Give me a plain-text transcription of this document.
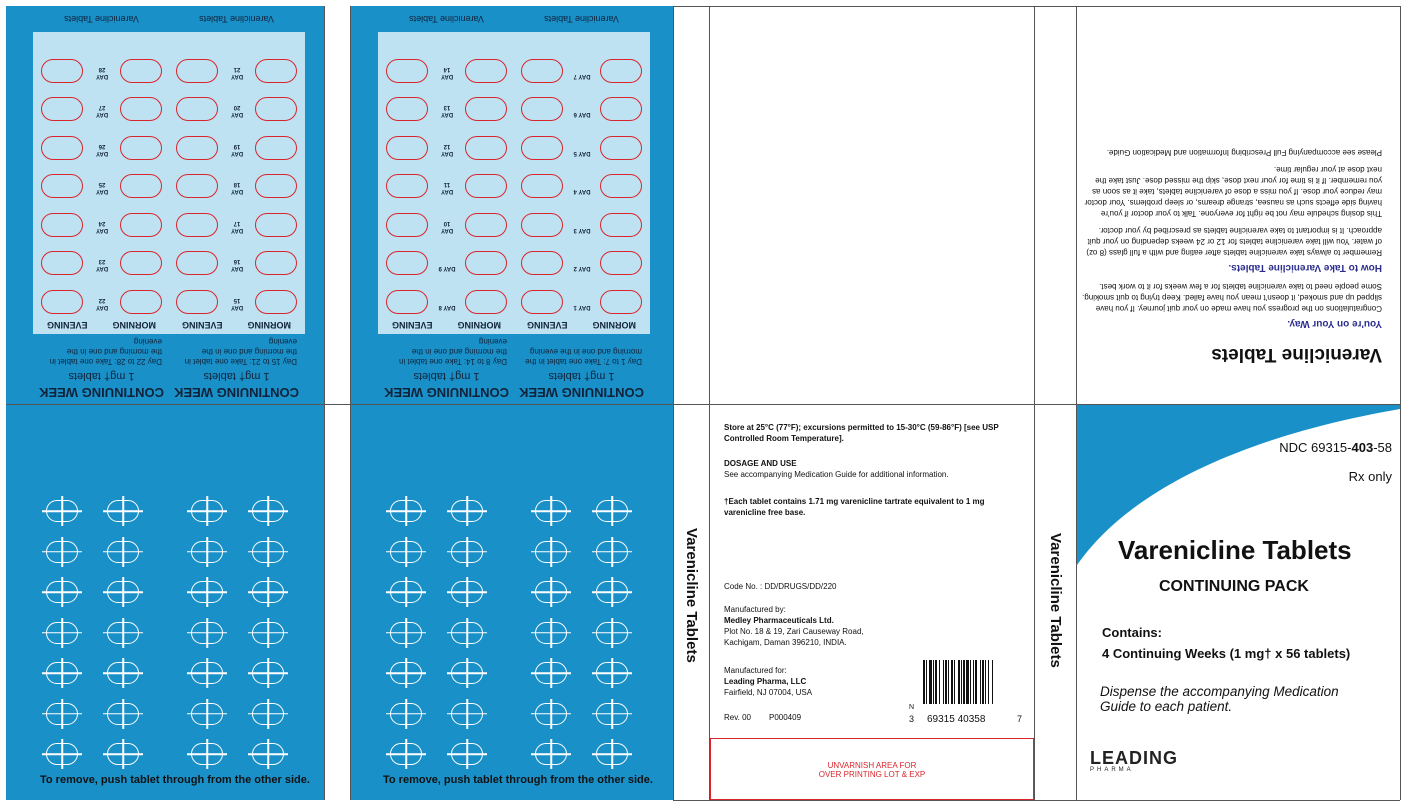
CONTINUING WEEK
1 mg† tablets
Day 1 to 7: Take one tablet in the morning and one in the evening
MORNING
EVENING
DAY 1
DAY 2
DAY 3
DAY 4
DAY 5
DAY 6
DAY 7
Varenicline Tablets
CONTINUING WEEK
1 mg† tablets
Day 8 to 14: Take one tablet in the morning and one in the evening
MORNING
EVENING
DAY 8
DAY 9
DAY 10
DAY 11
DAY 12
DAY 13
DAY 14
Varenicline Tablets
CONTINUING WEEK
1 mg† tablets
Day 15 to 21: Take one tablet in the morning and one in the evening
MORNING
EVENING
DAY 15
DAY 16
DAY 17
DAY 18
DAY 19
DAY 20
DAY 21
Varenicline Tablets
CONTINUING WEEK
1 mg† tablets
Day 22 to 28: Take one tablet in the morning and one in the evening
MORNING
EVENING
DAY 22
DAY 23
DAY 24
DAY 25
DAY 26
DAY 27
DAY 28
Varenicline Tablets
To remove, push tablet through from the other side.	To remove, push tablet through from the other side.
Varenicline Tablets	Varenicline Tablets
Varenicline Tablets
You're on Your Way.
Congratulations on the progress you have made on your quit journey. If you have slipped up and smoked, it doesn't mean you have failed. Keep trying to quit smoking. Some people need to take varenicline tablets for a few weeks for it to work best.
How to Take Varenicline Tablets.
Remember to always take varenicline tablets after eating and with a full glass (8 oz) of water. You will take varenicline tablets for 12 or 24 weeks depending on your quit approach. It is important to take varenicline tablets as prescribed by your doctor.
This dosing schedule may not be right for everyone. Talk to your doctor if you're having side effects such as nausea, strange dreams, or sleep problems. Your doctor may reduce your dose. If you miss a dose of varenicline tablets, take it as soon as you remember. If it is time for your next dose, skip the missed dose. Just take the next dose at your regular time.
Please see accompanying Full Prescribing Information and Medication Guide.
Store at 25°C (77°F); excursions permitted to 15-30°C (59-86°F) [see USP Controlled Room Temperature].
DOSAGE AND USE
See accompanying Medication Guide for additional information.
†Each tablet contains 1.71 mg varenicline tartrate equivalent to 1 mg varenicline free base.
Code No. : DD/DRUGS/DD/220
Manufactured by:
Medley Pharmaceuticals Ltd.
Plot No. 18 & 19, Zari Causeway Road,
Kachigam, Daman 396210, INDIA.
Manufactured for:
Leading Pharma, LLC
Fairfield, NJ 07004, USA
Rev. 00 P000409
N
3 69315 40358	7
UNVARNISH AREA FOR
OVER PRINTING LOT & EXP
NDC 69315-403-58
Rx only
Varenicline Tablets
CONTINUING PACK
Contains:
4 Continuing Weeks (1 mg† x 56 tablets)
Dispense the accompanying Medication
Guide to each patient.
LEADING
PHARMA
